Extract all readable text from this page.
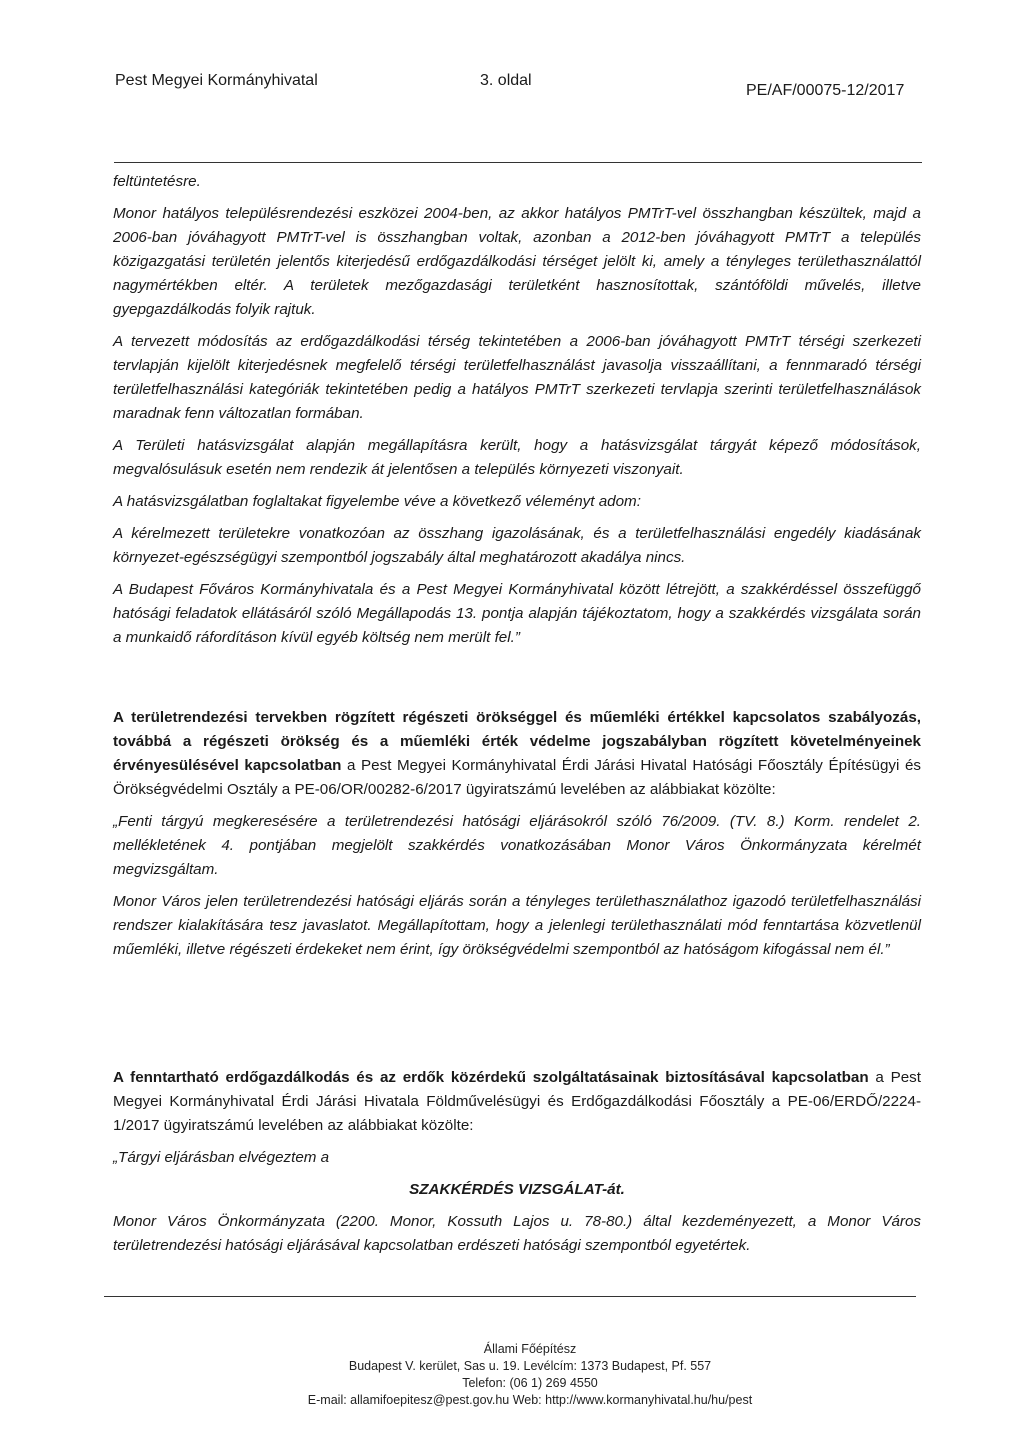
Pest Megyei Kormányhivatal	3. oldal
PE/AF/00075-12/2017

feltüntetésre.

Monor hatályos településrendezési eszközei 2004-ben, az akkor hatályos PMTrT-vel összhangban készültek, majd a 2006-ban jóváhagyott PMTrT-vel is összhangban voltak, azonban a 2012-ben jóváhagyott PMTrT a település közigazgatási területén jelentős kiterjedésű erdőgazdálkodási térséget jelölt ki, amely a tényleges területhasználattól nagymértékben eltér. A területek mezőgazdasági területként hasznosítottak, szántóföldi művelés, illetve gyepgazdálkodás folyik rajtuk.

A tervezett módosítás az erdőgazdálkodási térség tekintetében a 2006-ban jóváhagyott PMTrT térségi szerkezeti tervlapján kijelölt kiterjedésnek megfelelő térségi területfelhasználást javasolja visszaállítani, a fennmaradó térségi területfelhasználási kategóriák tekintetében pedig a hatályos PMTrT szerkezeti tervlapja szerinti területfelhasználások maradnak fenn változatlan formában.

A Területi hatásvizsgálat alapján megállapításra került, hogy a hatásvizsgálat tárgyát képező módosítások, megvalósulásuk esetén nem rendezik át jelentősen a település környezeti viszonyait.

A hatásvizsgálatban foglaltakat figyelembe véve a következő véleményt adom:

A kérelmezett területekre vonatkozóan az összhang igazolásának, és a területfelhasználási engedély kiadásának környezet-egészségügyi szempontból jogszabály által meghatározott akadálya nincs.

A Budapest Főváros Kormányhivatala és a Pest Megyei Kormányhivatal között létrejött, a szakkérdéssel összefüggő hatósági feladatok ellátásáról szóló Megállapodás 13. pontja alapján tájékoztatom, hogy a szakkérdés vizsgálata során a munkaidő ráfordításon kívül egyéb költség nem merült fel.”

A területrendezési tervekben rögzített régészeti örökséggel és műemléki értékkel kapcsolatos szabályozás, továbbá a régészeti örökség és a műemléki érték védelme jogszabályban rögzített követelményeinek érvényesülésével kapcsolatban a Pest Megyei Kormányhivatal Érdi Járási Hivatal Hatósági Főosztály Építésügyi és Örökségvédelmi Osztály a PE-06/OR/00282-6/2017 ügyiratszámú levelében az alábbiakat közölte:

„Fenti tárgyú megkeresésére a területrendezési hatósági eljárásokról szóló 76/2009. (TV. 8.) Korm. rendelet 2. mellékletének 4. pontjában megjelölt szakkérdés vonatkozásában Monor Város Önkormányzata kérelmét megvizsgáltam.

Monor Város jelen területrendezési hatósági eljárás során a tényleges területhasználathoz igazodó területfelhasználási rendszer kialakítására tesz javaslatot. Megállapítottam, hogy a jelenlegi területhasználati mód fenntartása közvetlenül műemléki, illetve régészeti érdekeket nem érint, így örökségvédelmi szempontból az hatóságom kifogással nem él.”

A fenntartható erdőgazdálkodás és az erdők közérdekű szolgáltatásainak biztosításával kapcsolatban a Pest Megyei Kormányhivatal Érdi Járási Hivatala Földművelésügyi és Erdőgazdálkodási Főosztály a PE-06/ERDŐ/2224-1/2017 ügyiratszámú levelében az alábbiakat közölte:

„Tárgyi eljárásban elvégeztem a

SZAKKÉRDÉS VIZSGÁLAT-át.

Monor Város Önkormányzata (2200. Monor, Kossuth Lajos u. 78-80.) által kezdeményezett, a Monor Város területrendezési hatósági eljárásával kapcsolatban erdészeti hatósági szempontból egyetértek.

Állami Főépítész
Budapest V. kerület, Sas u. 19. Levélcím: 1373 Budapest, Pf. 557
Telefon: (06 1) 269 4550
E-mail: allamifoepitesz@pest.gov.hu Web: http://www.kormanyhivatal.hu/hu/pest
